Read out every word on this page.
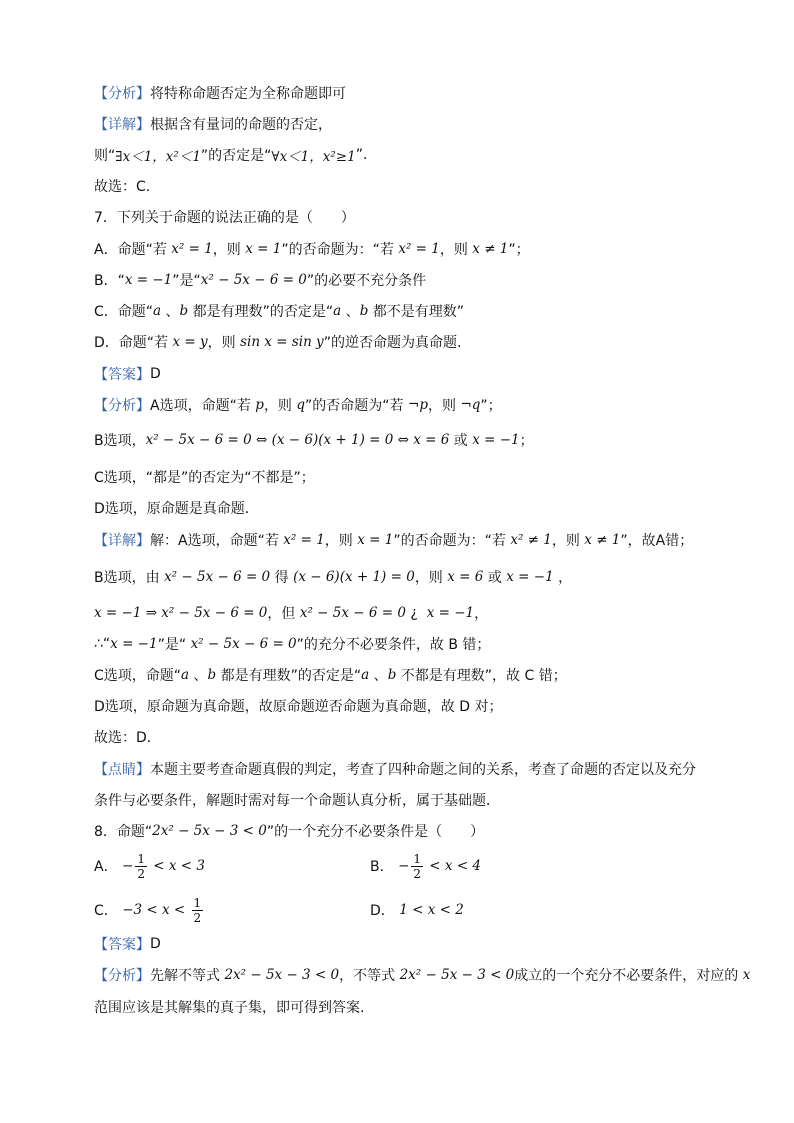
【分析】 将特称命题否定为全称命题即可
【详解】 根据含有量词的命题的否定，
则“ ∃x＜1，x²＜1 ”的否定是“ ∀x＜1，x²≥1 ”.
故选：C.
7．下列关于命题的说法正确的是（　　）
A．命题“若 x² = 1 ，则 x = 1 ”的否命题为：“若 x² = 1 ，则 x ≠ 1 ”；
B．“ x = −1 ”是“ x² − 5x − 6 = 0 ”的必要不充分条件
C．命题“ a 、 b 都是有理数”的否定是“ a 、 b 都不是有理数”
D．命题“若 x = y ，则 sin x = sin y ”的逆否命题为真命题.
【答案】 D
【分析】 A选项，命题“若 p ，则 q ”的否命题为“若 ¬p ，则 ¬q ”；
B选项， x² − 5x − 6 = 0 ⇔ (x − 6)(x + 1) = 0 ⇔ x = 6 或 x = −1 ；
C选项，“都是”的否定为“不都是”；
D选项，原命题是真命题．
【详解】 解：A选项，命题“若 x² = 1 ，则 x = 1 ”的否命题为：“若 x² ≠ 1 ，则 x ≠ 1 ”，故A错；
B选项，由 x² − 5x − 6 = 0 得 (x − 6)(x + 1) = 0 ，则 x = 6 或 x = −1 ，
x = −1 ⇒ x² − 5x − 6 = 0 ，但 x² − 5x − 6 = 0 ¿ x = −1 ，
∴“ x = −1 ”是“ x² − 5x − 6 = 0 ”的充分不必要条件，故 B 错；
C选项，命题“ a 、 b 都是有理数”的否定是“ a 、 b 不都是有理数”，故 C 错；
D选项，原命题为真命题，故原命题逆否命题为真命题，故 D 对；
故选：D．
【点睛】 本题主要考查命题真假的判定，考查了四种命题之间的关系，考查了命题的否定以及充分
条件与必要条件，解题时需对每一个命题认真分析，属于基础题．
8．命题“ 2x² − 5x − 3 < 0 ”的一个充分不必要条件是（　　）
A． − $\frac{1}{2} < x < 3$	B． − $\frac{1}{2} < x < 4$
C． $-3 < x < \frac{1}{2}$	D． 1 < x < 2
【答案】 D
【分析】 先解不等式 2x² − 5x − 3 < 0 ，不等式 2x² − 5x − 3 < 0 成立的一个充分不必要条件，对应的 x
范围应该是其解集的真子集，即可得到答案.
